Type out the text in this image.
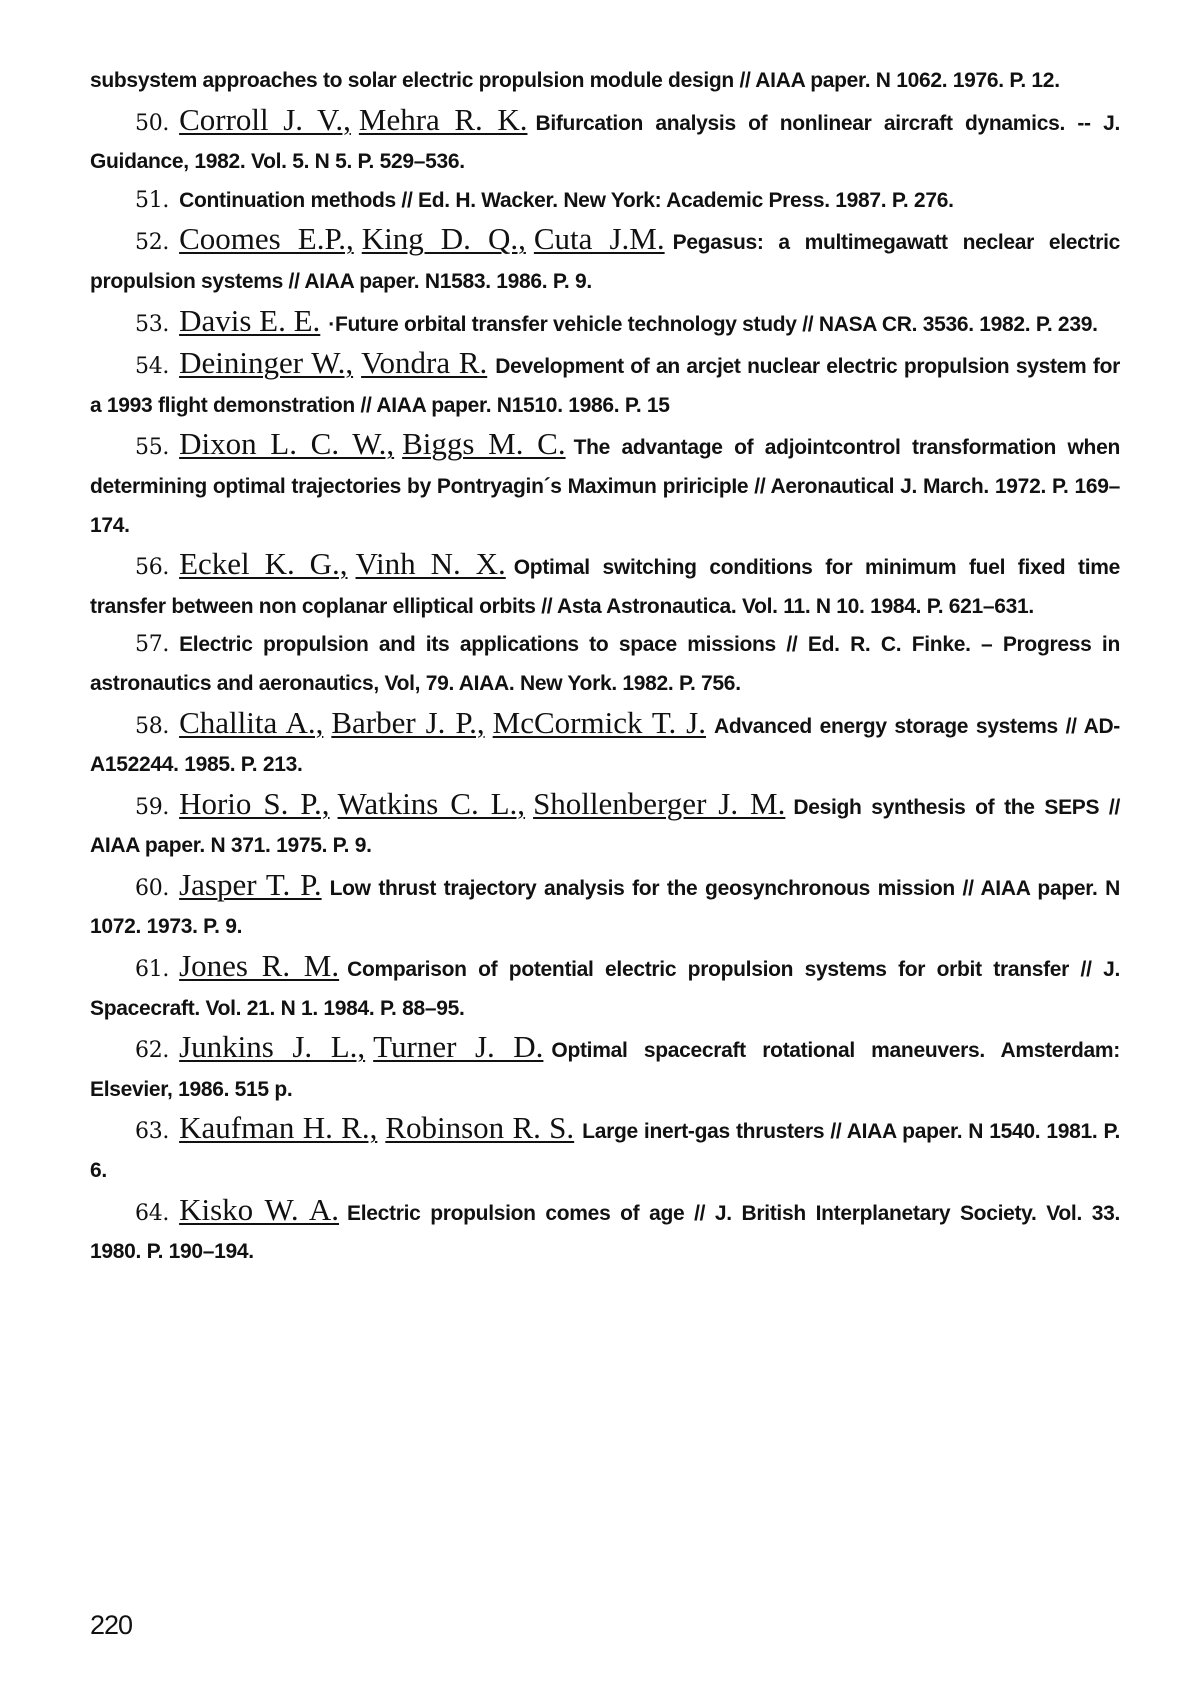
subsystem approaches to solar electric propulsion module design // AIAA paper. N 1062. 1976. P. 12.

50. Corroll J. V., Mehra R. K. Bifurcation analysis of nonlinear aircraft dynamics. -- J. Guidance, 1982. Vol. 5. N 5. P. 529–536.

51. Continuation methods // Ed. H. Wacker. New York: Academic Press. 1987. P. 276.

52. Coomes E.P., King D. Q., Cuta J.M. Pegasus: a multimegawatt neclear electric propulsion systems // AIAA paper. N1583. 1986. P. 9.

53. Davis E. E. ·Future orbital transfer vehicle technology study // NASA CR. 3536. 1982. P. 239.

54. Deininger W., Vondra R. Development of an arcjet nuclear electric propulsion system for a 1993 flight demonstration // AIAA paper. N1510. 1986. P. 15

55. Dixon L. C. W., Biggs M. C. The advantage of adjointcontrol transformation when determining optimal trajectories by Pontryagin´s Maximun priricipIe // Aeronautical J. March. 1972. P. 169–174.

56. Eckel K. G., Vinh N. X. Optimal switching conditions for minimum fuel fixed time transfer between non coplanar elliptical orbits // Asta Astronautica. Vol. 11. N 10. 1984. P. 621–631.

57. Electric propulsion and its applications to space missions // Ed. R. C. Finke. – Progress in astronautics and aeronautics, Vol, 79. AIAA. New York. 1982. P. 756.

58. Challita A., Barber J. P., McCormick T. J. Advanced energy storage systems // AD-A152244. 1985. P. 213.

59. Horio S. P., Watkins C. L., Shollenberger J. M. Desigh synthesis of the SEPS // AIAA paper. N 371. 1975. P. 9.

60. Jasper T. P. Low thrust trajectory analysis for the geosynchronous mission // AIAA paper. N 1072. 1973. P. 9.

61. Jones R. M. Comparison of potential electric propulsion systems for orbit transfer // J. Spacecraft. Vol. 21. N 1. 1984. P. 88–95.

62. Junkins J. L., Turner J. D. Optimal spacecraft rotational maneuvers. Amsterdam: Elsevier, 1986. 515 p.

63. Kaufman H. R., Robinson R. S. Large inert-gas thrusters // AIAA paper. N 1540. 1981. P. 6.

64. Kisko W. A. Electric propulsion comes of age // J. British Interplanetary Society. Vol. 33. 1980. P. 190–194.

220
